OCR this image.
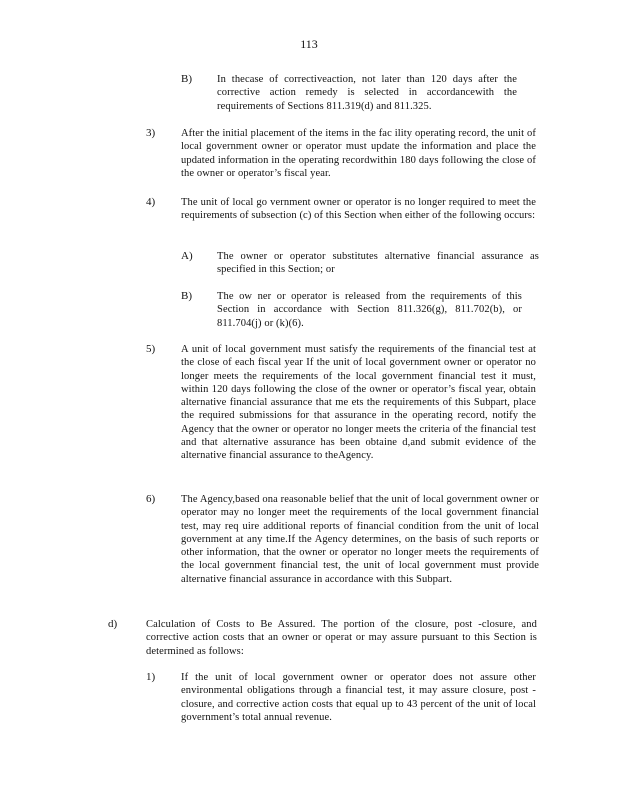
113
B) In thecase of correctiveaction, not later than 120 days after the corrective action remedy is selected in accordancewith the requirements of Sections 811.319(d) and 811.325.
3) After the initial placement of the items in the fac ility operating record, the unit of local government owner or operator must update the information and place the updated information in the operating recordwithin 180 days following the close of the owner or operator’s fiscal year.
4) The unit of local go vernment owner or operator is no longer required to meet the requirements of subsection (c) of this Section when either of the following occurs:
A) The owner or operator substitutes alternative financial assurance as specified in this Section; or
B) The ow ner or operator is released from the requirements of this Section in accordance with Section 811.326(g), 811.702(b), or 811.704(j) or (k)(6).
5) A unit of local government must satisfy the requirements of the financial test at the close of each fiscal year If the unit of local government owner or operator no longer meets the requirements of the local government financial test it must, within 120 days following the close of the owner or operator’s fiscal year, obtain alternative financial assurance that me ets the requirements of this Subpart, place the required submissions for that assurance in the operating record, notify the Agency that the owner or operator no longer meets the criteria of the financial test and that alternative assurance has been obtaine d,and submit evidence of the alternative financial assurance to theAgency.
6) The Agency,based ona reasonable belief that the unit of local government owner or operator may no longer meet the requirements of the local government financial test, may req uire additional reports of financial condition from the unit of local government at any time.If the Agency determines, on the basis of such reports or other information, that the owner or operator no longer meets the requirements of the local government financial test, the unit of local government must provide alternative financial assurance in accordance with this Subpart.
d)	Calculation of Costs to Be Assured. The portion of the closure, post -closure, and corrective action costs that an owner or operat or may assure pursuant to this Section is determined as follows:
1) If the unit of local government owner or operator does not assure other environmental obligations through a financial test, it may assure closure, post -closure, and corrective action costs that equal up to 43 percent of the unit of local government’s total annual revenue.
